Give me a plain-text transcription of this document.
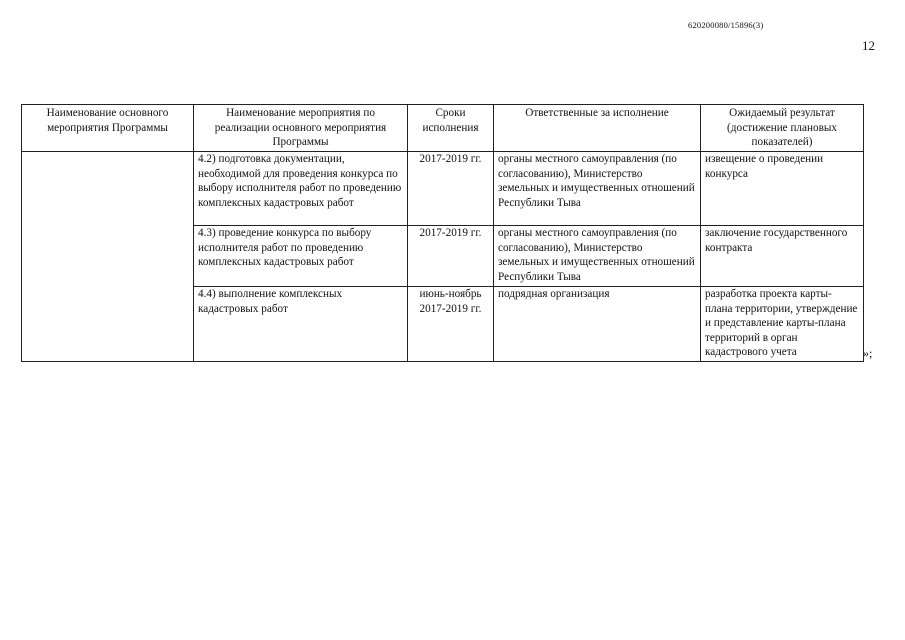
620200080/15896(3)
12
Наименование основного мероприятия Программы	Наименование мероприятия по реализации основного мероприятия Программы	Сроки исполнения	Ответственные за исполнение	Ожидаемый результат (достижение плановых показателей)
	4.2) подготовка документации, необходимой для проведения конкурса по выбору исполнителя работ по проведению комплексных кадастровых работ	2017-2019 гг.	органы местного самоуправления (по согласованию), Министерство земельных и имущественных отношений Республики Тыва	извещение о проведении конкурса
	4.3) проведение конкурса по выбору исполнителя работ по проведению комплексных кадастровых работ	2017-2019 гг.	органы местного самоуправления (по согласованию), Министерство земельных и имущественных отношений Республики Тыва	заключение государственного контракта
	4.4) выполнение комплексных кадастровых работ	июнь-ноябрь 2017-2019 гг.	подрядная организация	разработка проекта карты-плана территории, утверждение и представление карты-плана территорий в орган кадастрового учета	»;
